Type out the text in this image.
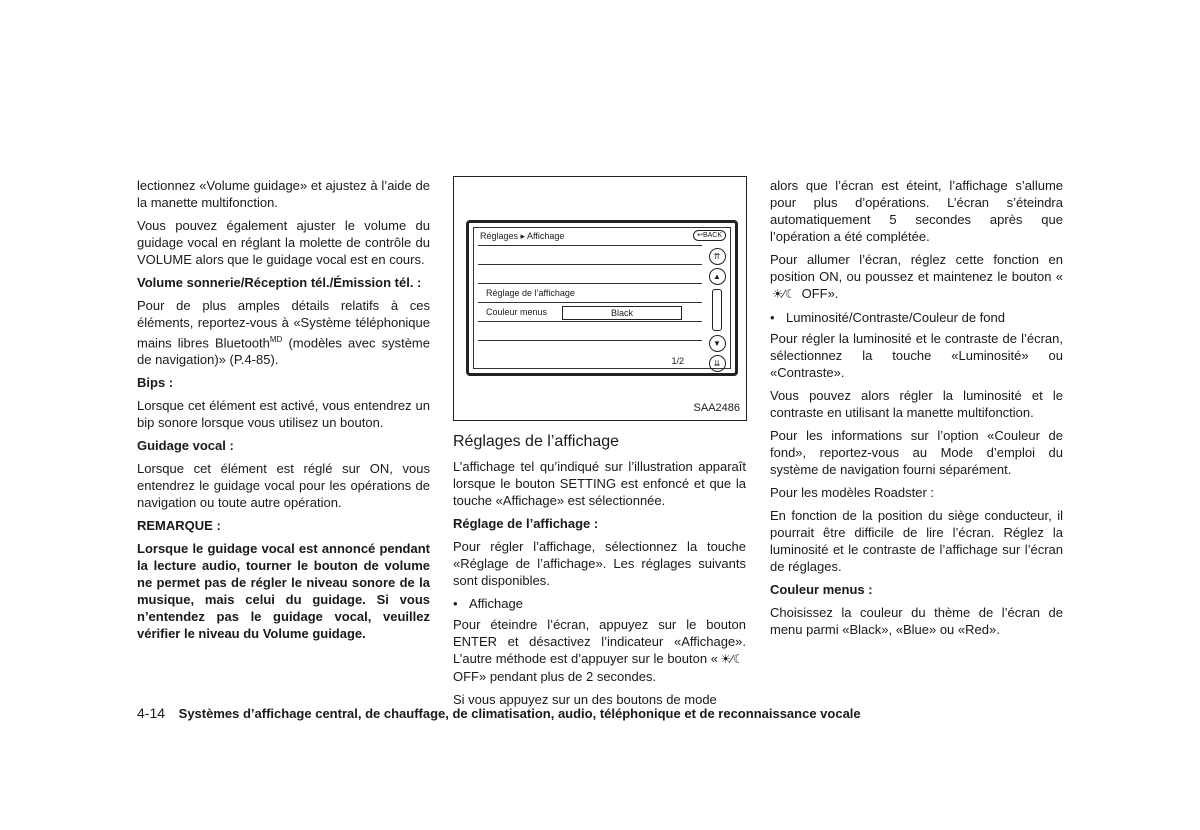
lectionnez «Volume guidage» et ajustez à l’aide de la manette multifonction.

Vous pouvez également ajuster le volume du guidage vocal en réglant la molette de contrôle du VOLUME alors que le guidage vocal est en cours.

Volume sonnerie/Réception tél./Émission tél. :

Pour de plus amples détails relatifs à ces éléments, reportez-vous à «Système téléphonique mains libres Bluetooth$^{MD}$ (modèles avec système de navigation)» (P.4-85).

Bips :

Lorsque cet élément est activé, vous entendrez un bip sonore lorsque vous utilisez un bouton.

Guidage vocal :

Lorsque cet élément est réglé sur ON, vous entendrez le guidage vocal pour les opérations de navigation ou toute autre opération.

REMARQUE :

Lorsque le guidage vocal est annoncé pendant la lecture audio, tourner le bouton de volume ne permet pas de régler le niveau sonore de la musique, mais celui du guidage. Si vous n’entendez pas le guidage vocal, veuillez vérifier le niveau du Volume guidage.

Réglages ▸ Affichage	↩BACK
Réglage de l’affichage
Couleur menus	Black
⇈
▲
▼
⇊
1/2
SAA2486

Réglages de l’affichage

L’affichage tel qu’indiqué sur l’illustration apparaît lorsque le bouton SETTING est enfoncé et que la touche «Affichage» est sélectionnée.

Réglage de l’affichage :

Pour régler l’affichage, sélectionnez la touche «Réglage de l’affichage». Les réglages suivants sont disponibles.

• Affichage

Pour éteindre l’écran, appuyez sur le bouton ENTER et désactivez l’indicateur «Affichage». L’autre méthode est d’appuyer sur le bouton « ☀∕☾ OFF» pendant plus de 2 secondes.

Si vous appuyez sur un des boutons de mode

alors que l’écran est éteint, l’affichage s’allume pour plus d’opérations. L’écran s’éteindra automatiquement 5 secondes après que l’opération a été complétée.

Pour allumer l’écran, réglez cette fonction en position ON, ou poussez et maintenez le bouton «☀∕☾ OFF».

• Luminosité/Contraste/Couleur de fond

Pour régler la luminosité et le contraste de l’écran, sélectionnez la touche «Luminosité» ou «Contraste».

Vous pouvez alors régler la luminosité et le contraste en utilisant la manette multifonction.

Pour les informations sur l’option «Couleur de fond», reportez-vous au Mode d’emploi du système de navigation fourni séparément.

Pour les modèles Roadster :

En fonction de la position du siège conducteur, il pourrait être difficile de lire l’écran. Réglez la luminosité et le contraste de l’affichage sur l’écran de réglages.

Couleur menus :

Choisissez la couleur du thème de l’écran de menu parmi «Black», «Blue» ou «Red».

4-14 Systèmes d’affichage central, de chauffage, de climatisation, audio, téléphonique et de reconnaissance vocale
